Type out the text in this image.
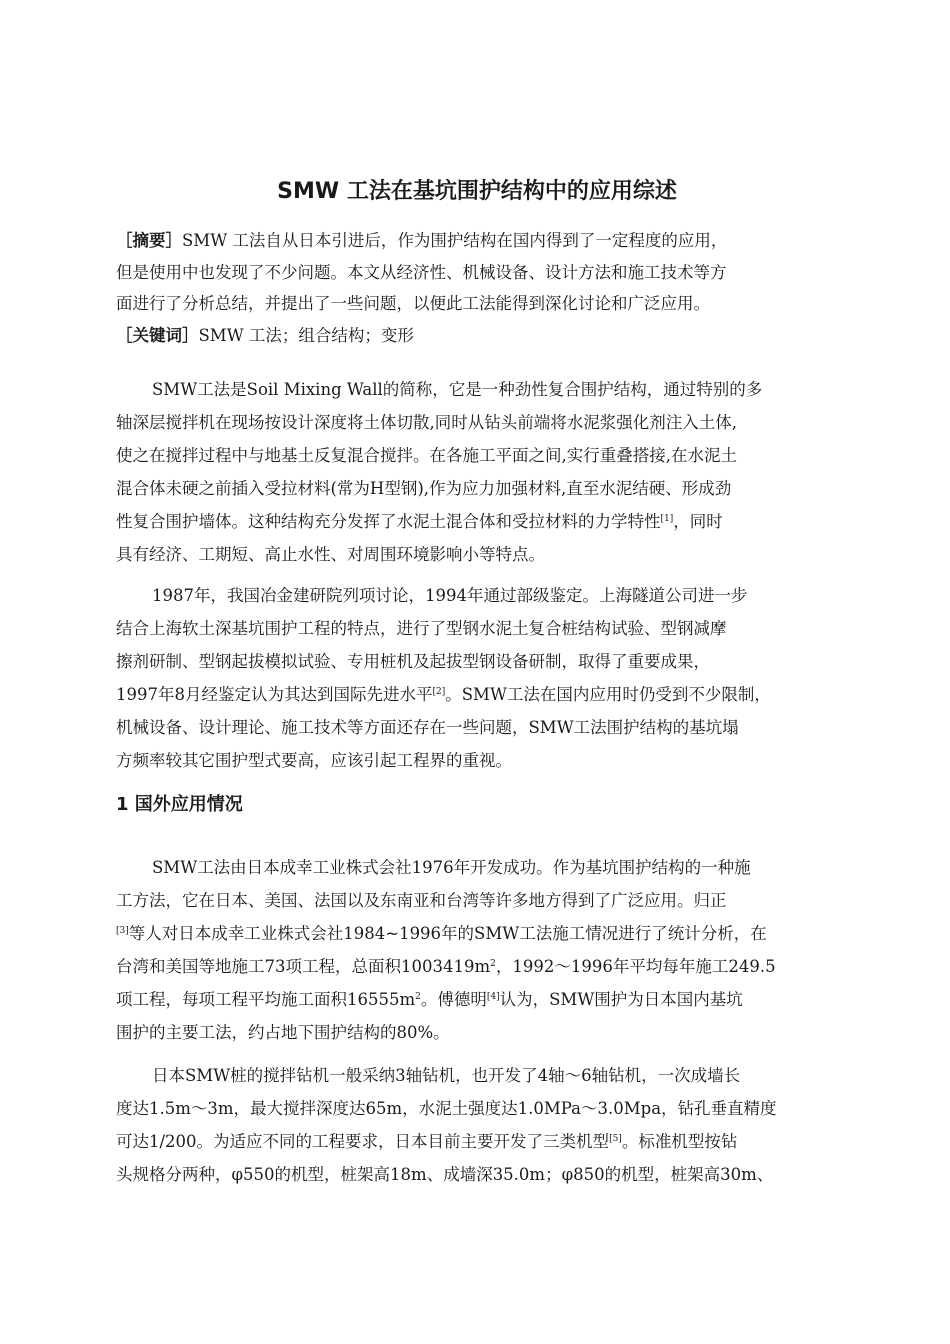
SMW 工法在基坑围护结构中的应用综述

［摘要］SMW 工法自从日本引进后，作为围护结构在国内得到了一定程度的应用，

但是使用中也发现了不少问题。本文从经济性、机械设备、设计方法和施工技术等方

面进行了分析总结，并提出了一些问题，以便此工法能得到深化讨论和广泛应用。

［关键词］SMW 工法；组合结构；变形

SMW工法是Soil Mixing Wall的简称，它是一种劲性复合围护结构，通过特别的多
轴深层搅拌机在现场按设计深度将土体切散,同时从钻头前端将水泥浆强化剂注入土体,
使之在搅拌过程中与地基土反复混合搅拌。在各施工平面之间,实行重叠搭接,在水泥土
混合体未硬之前插入受拉材料(常为H型钢),作为应力加强材料,直至水泥结硬、形成劲
性复合围护墙体。这种结构充分发挥了水泥土混合体和受拉材料的力学特性[1]，同时
具有经济、工期短、高止水性、对周围环境影响小等特点。

1987年，我国冶金建研院列项讨论，1994年通过部级鉴定。上海隧道公司进一步
结合上海软土深基坑围护工程的特点，进行了型钢水泥土复合桩结构试验、型钢减摩
擦剂研制、型钢起拔模拟试验、专用桩机及起拔型钢设备研制，取得了重要成果，
1997年8月经鉴定认为其达到国际先进水平[2]。SMW工法在国内应用时仍受到不少限制，
机械设备、设计理论、施工技术等方面还存在一些问题，SMW工法围护结构的基坑塌
方频率较其它围护型式要高，应该引起工程界的重视。

1 国外应用情况

SMW工法由日本成幸工业株式会社1976年开发成功。作为基坑围护结构的一种施
工方法，它在日本、美国、法国以及东南亚和台湾等许多地方得到了广泛应用。归正
[3]等人对日本成幸工业株式会社1984~1996年的SMW工法施工情况进行了统计分析，在
台湾和美国等地施工73项工程，总面积$1003419m^2$，1992～1996年平均每年施工249.5
项工程，每项工程平均施工面积$16555m^2$。傅德明[4]认为，SMW围护为日本国内基坑
围护的主要工法，约占地下围护结构的80%。

日本SMW桩的搅拌钻机一般采纳3轴钻机，也开发了4轴～6轴钻机，一次成墙长
度达1.5m～3m，最大搅拌深度达65m，水泥土强度达1.0MPa～3.0Mpa，钻孔垂直精度
可达1/200。为适应不同的工程要求，日本目前主要开发了三类机型[5]。标准机型按钻
头规格分两种，φ550的机型，桩架高18m、成墙深35.0m；φ850的机型，桩架高30m、
